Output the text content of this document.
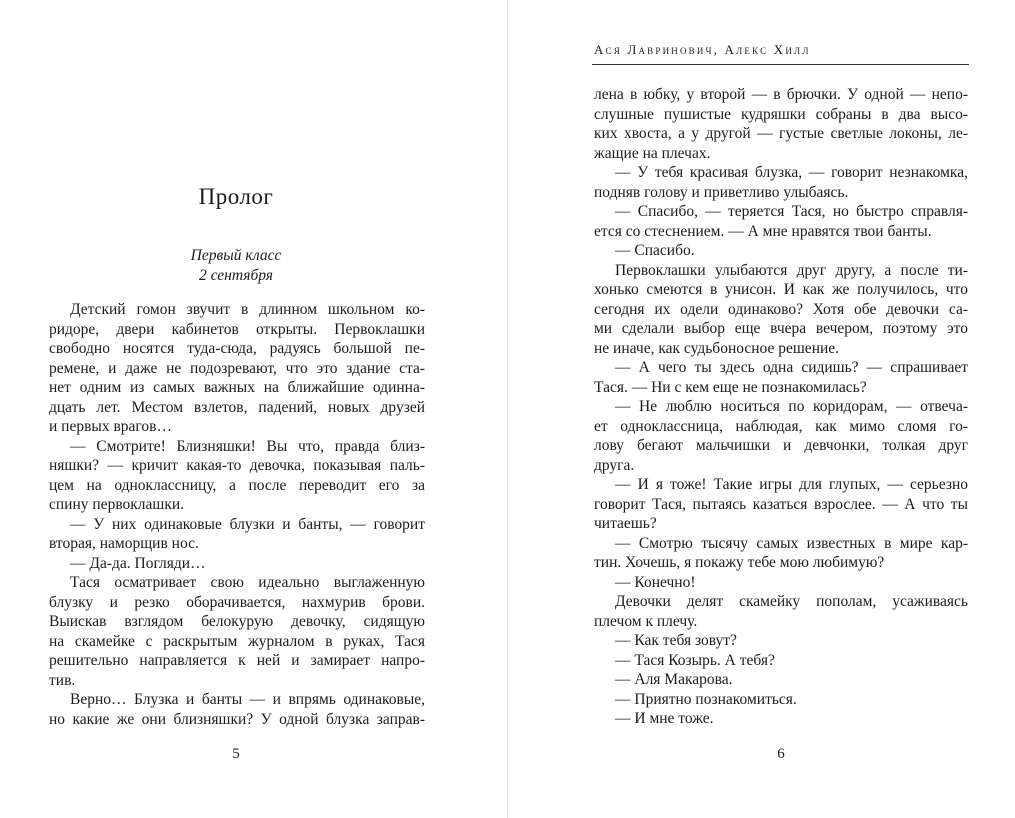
Пролог
Первый класс
2 сентября
Детский гомон звучит в длинном школьном ко-
ридоре, двери кабинетов открыты. Первоклашки
свободно носятся туда-сюда, радуясь большой пе-
ремене, и даже не подозревают, что это здание ста-
нет одним из самых важных на ближайшие одинна-
дцать лет. Местом взлетов, падений, новых друзей
и первых врагов…
— Смотрите! Близняшки! Вы что, правда близ-
няшки? — кричит какая-то девочка, показывая паль-
цем на одноклассницу, а после переводит его за
спину первоклашки.
— У них одинаковые блузки и банты, — говорит
вторая, наморщив нос.
— Да-да. Погляди…
Тася осматривает свою идеально выглаженную
блузку и резко оборачивается, нахмурив брови.
Выискав взглядом белокурую девочку, сидящую
на скамейке с раскрытым журналом в руках, Тася
решительно направляется к ней и замирает напро-
тив.
Верно… Блузка и банты — и впрямь одинаковые,
но какие же они близняшки? У одной блузка заправ-
5
Ася Лавринович, Алекс Хилл
лена в юбку, у второй — в брючки. У одной — непо-
слушные пушистые кудряшки собраны в два высо-
ких хвоста, а у другой — густые светлые локоны, ле-
жащие на плечах.
— У тебя красивая блузка, — говорит незнакомка,
подняв голову и приветливо улыбаясь.
— Спасибо, — теряется Тася, но быстро справля-
ется со стеснением. — А мне нравятся твои банты.
— Спасибо.
Первоклашки улыбаются друг другу, а после ти-
хонько смеются в унисон. И как же получилось, что
сегодня их одели одинаково? Хотя обе девочки са-
ми сделали выбор еще вчера вечером, поэтому это
не иначе, как судьбоносное решение.
— А чего ты здесь одна сидишь? — спрашивает
Тася. — Ни с кем еще не познакомилась?
— Не люблю носиться по коридорам, — отвеча-
ет одноклассница, наблюдая, как мимо сломя го-
лову бегают мальчишки и девчонки, толкая друг
друга.
— И я тоже! Такие игры для глупых, — серьезно
говорит Тася, пытаясь казаться взрослее. — А что ты
читаешь?
— Смотрю тысячу самых известных в мире кар-
тин. Хочешь, я покажу тебе мою любимую?
— Конечно!
Девочки делят скамейку пополам, усаживаясь
плечом к плечу.
— Как тебя зовут?
— Тася Козырь. А тебя?
— Аля Макарова.
— Приятно познакомиться.
— И мне тоже.
6
